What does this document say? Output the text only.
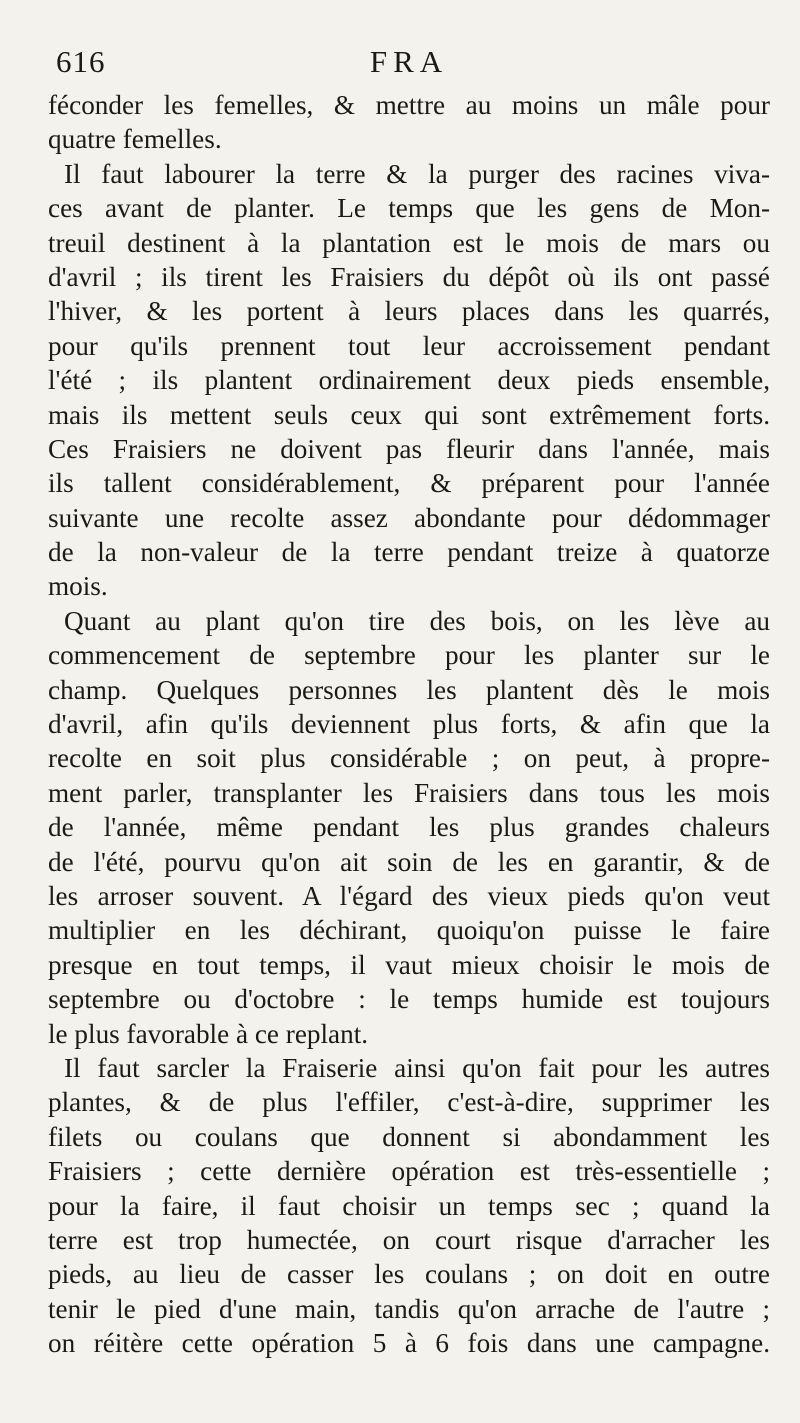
616	FRA
féconder les femelles, & mettre au moins un mâle pour
quatre femelles.
Il faut labourer la terre & la purger des racines viva-
ces avant de planter. Le temps que les gens de Mon-
treuil destinent à la plantation est le mois de mars ou
d'avril ; ils tirent les Fraisiers du dépôt où ils ont passé
l'hiver, & les portent à leurs places dans les quarrés,
pour qu'ils prennent tout leur accroissement pendant
l'été ; ils plantent ordinairement deux pieds ensemble,
mais ils mettent seuls ceux qui sont extrêmement forts.
Ces Fraisiers ne doivent pas fleurir dans l'année, mais
ils tallent considérablement, & préparent pour l'année
suivante une recolte assez abondante pour dédommager
de la non-valeur de la terre pendant treize à quatorze
mois.
Quant au plant qu'on tire des bois, on les lève au
commencement de septembre pour les planter sur le
champ. Quelques personnes les plantent dès le mois
d'avril, afin qu'ils deviennent plus forts, & afin que la
recolte en soit plus considérable ; on peut, à propre-
ment parler, transplanter les Fraisiers dans tous les mois
de l'année, même pendant les plus grandes chaleurs
de l'été, pourvu qu'on ait soin de les en garantir, & de
les arroser souvent. A l'égard des vieux pieds qu'on veut
multiplier en les déchirant, quoiqu'on puisse le faire
presque en tout temps, il vaut mieux choisir le mois de
septembre ou d'octobre : le temps humide est toujours
le plus favorable à ce replant.
Il faut sarcler la Fraiserie ainsi qu'on fait pour les autres
plantes, & de plus l'effiler, c'est-à-dire, supprimer les
filets ou coulans que donnent si abondamment les
Fraisiers ; cette dernière opération est très-essentielle ;
pour la faire, il faut choisir un temps sec ; quand la
terre est trop humectée, on court risque d'arracher les
pieds, au lieu de casser les coulans ; on doit en outre
tenir le pied d'une main, tandis qu'on arrache de l'autre ;
on réitère cette opération 5 à 6 fois dans une campagne.
